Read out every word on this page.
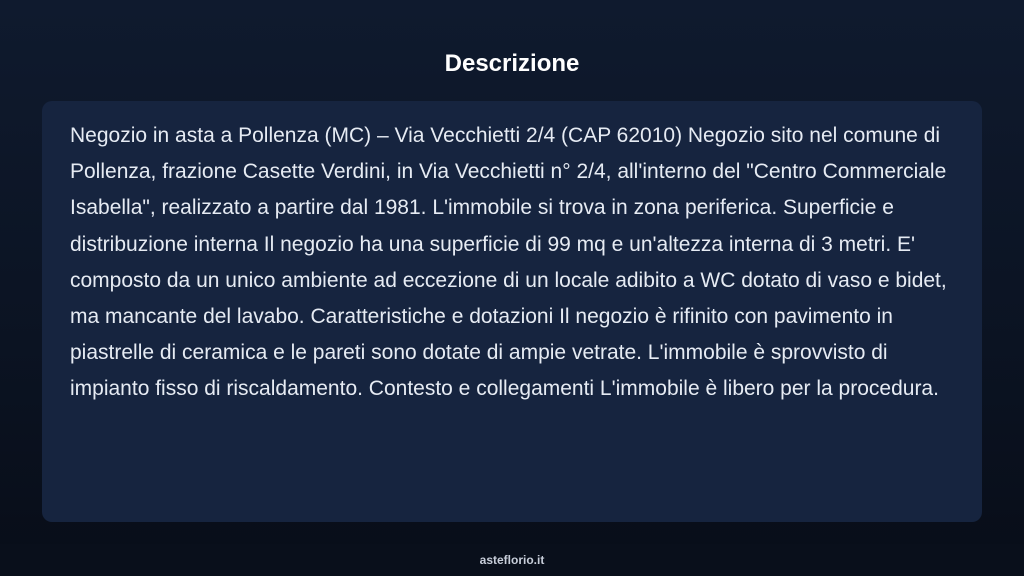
Descrizione

Negozio in asta a Pollenza (MC) – Via Vecchietti 2/4 (CAP 62010) Negozio sito nel comune di Pollenza, frazione Casette Verdini, in Via Vecchietti n° 2/4, all'interno del "Centro Commerciale Isabella", realizzato a partire dal 1981. L'immobile si trova in zona periferica. Superficie e distribuzione interna Il negozio ha una superficie di 99 mq e un'altezza interna di 3 metri. E' composto da un unico ambiente ad eccezione di un locale adibito a WC dotato di vaso e bidet, ma mancante del lavabo. Caratteristiche e dotazioni Il negozio è rifinito con pavimento in piastrelle di ceramica e le pareti sono dotate di ampie vetrate. L'immobile è sprovvisto di impianto fisso di riscaldamento. Contesto e collegamenti L'immobile è libero per la procedura.

asteflorio.it
